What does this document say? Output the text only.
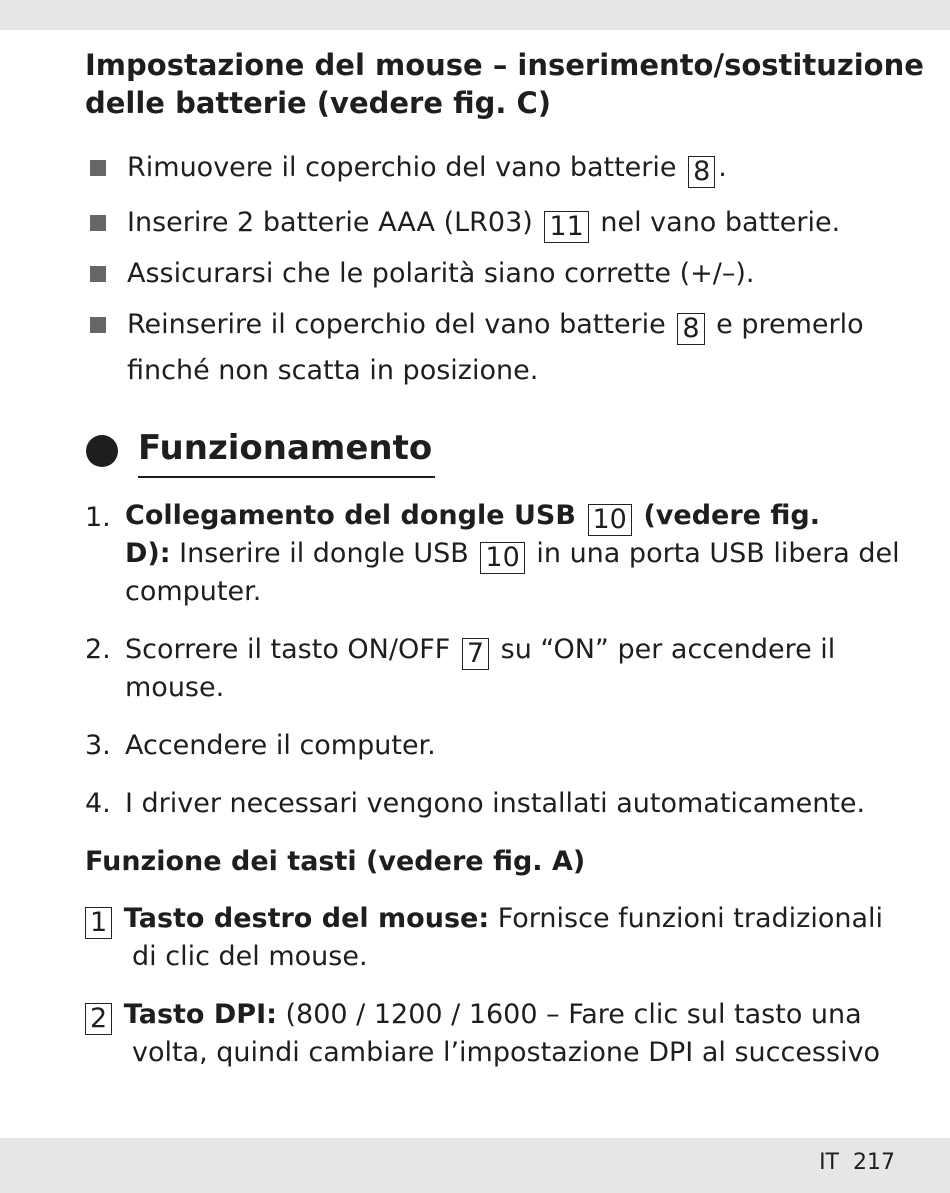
Impostazione del mouse – inserimento/sostituzione
delle batterie (vedere fig. C)
Rimuovere il coperchio del vano batterie 8 .
Inserire 2 batterie AAA (LR03) 11 nel vano batterie.
Assicurarsi che le polarità siano corrette (+/–).
Reinserire il coperchio del vano batterie 8 e premerlo
finché non scatta in posizione.
Funzionamento
1. Collegamento del dongle USB 10 (vedere fig.
D): Inserire il dongle USB 10 in una porta USB libera del
computer.
2. Scorrere il tasto ON/OFF 7 su “ON” per accendere il
mouse.
3. Accendere il computer.
4. I driver necessari vengono installati automaticamente.
Funzione dei tasti (vedere fig. A)
1 Tasto destro del mouse: Fornisce funzioni tradizionali
di clic del mouse.
2 Tasto DPI: (800 / 1200 / 1600 – Fare clic sul tasto una
volta, quindi cambiare l’impostazione DPI al successivo
IT 217
